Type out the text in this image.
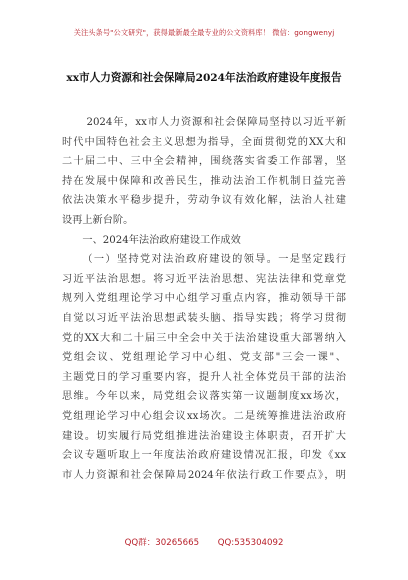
关注头条号"公文研究"，获得最新最全最专业的公文资料库！ 微信：gongwenyj
xx市人力资源和社会保障局2024年法治政府建设年度报告
2024年，xx市人力资源和社会保障局坚持以习近平新
时代中国特色社会主义思想为指导，全面贯彻党的XX大和
二十届二中、三中全会精神，围绕落实省委工作部署，坚
持在发展中保障和改善民生，推动法治工作机制日益完善
依法决策水平稳步提升，劳动争议有效化解，法治人社建
设再上新台阶。
一、2024年法治政府建设工作成效
（一）坚持党对法治政府建设的领导。一是坚定践行
习近平法治思想。将习近平法治思想、宪法法律和党章党
规列入党组理论学习中心组学习重点内容，推动领导干部
自觉以习近平法治思想武装头脑、指导实践；将学习贯彻
党的XX大和二十届三中全会中关于法治建设重大部署纳入
党组会议、党组理论学习中心组、党支部"三会一课"、
主题党日的学习重要内容，提升人社全体党员干部的法治
思维。今年以来，局党组会议落实第一议题制度xx场次，
党组理论学习中心组会议xx场次。二是统筹推进法治政府
建设。切实履行局党组推进法治建设主体职责，召开扩大
会议专题听取上一年度法治政府建设情况汇报，印发《xx
市人力资源和社会保障局2024年依法行政工作要点》，明
QQ群：30265665 QQ:535304092
